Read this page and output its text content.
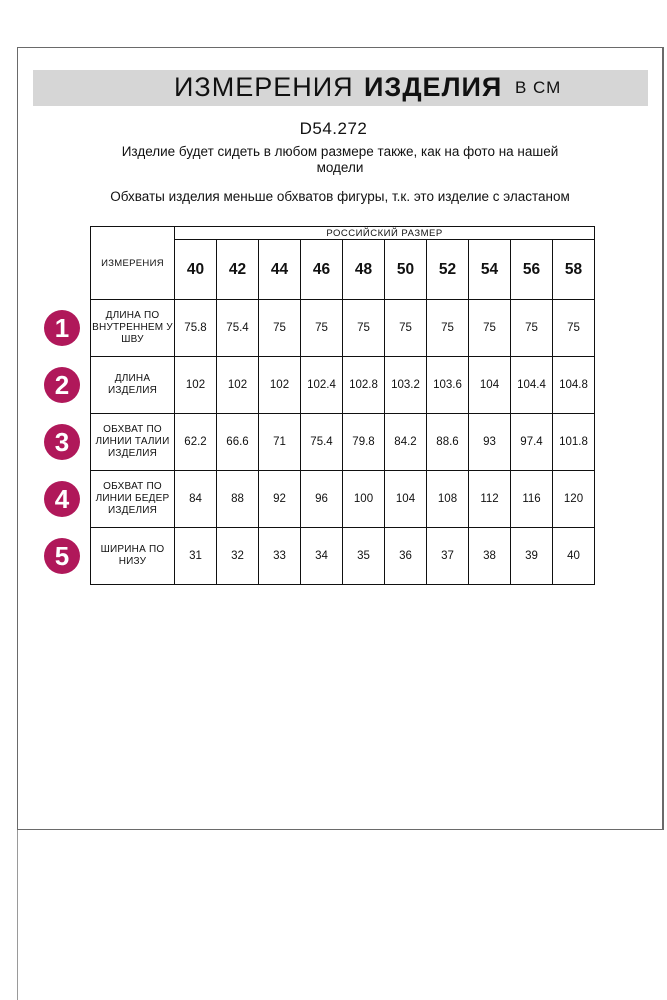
ИЗМЕРЕНИЯ ИЗДЕЛИЯ В СМ
D54.272
Изделие будет сидеть в любом размере также, как на фото на нашей модели
Обхваты изделия меньше обхватов фигуры, т.к. это изделие с эластаном
ИЗМЕРЕНИЯ	РОССИЙСКИЙ РАЗМЕР									
	40	42	44	46	48	50	52	54	56	58
ДЛИНА ПО ВНУТРЕННЕМ У ШВУ	75.8	75.4	75	75	75	75	75	75	75	75
ДЛИНА ИЗДЕЛИЯ	102	102	102	102.4	102.8	103.2	103.6	104	104.4	104.8
ОБХВАТ ПО ЛИНИИ ТАЛИИ ИЗДЕЛИЯ	62.2	66.6	71	75.4	79.8	84.2	88.6	93	97.4	101.8
ОБХВАТ ПО ЛИНИИ БЕДЕР ИЗДЕЛИЯ	84	88	92	96	100	104	108	112	116	120
ШИРИНА ПО НИЗУ	31	32	33	34	35	36	37	38	39	40
1
2
3
4
5
